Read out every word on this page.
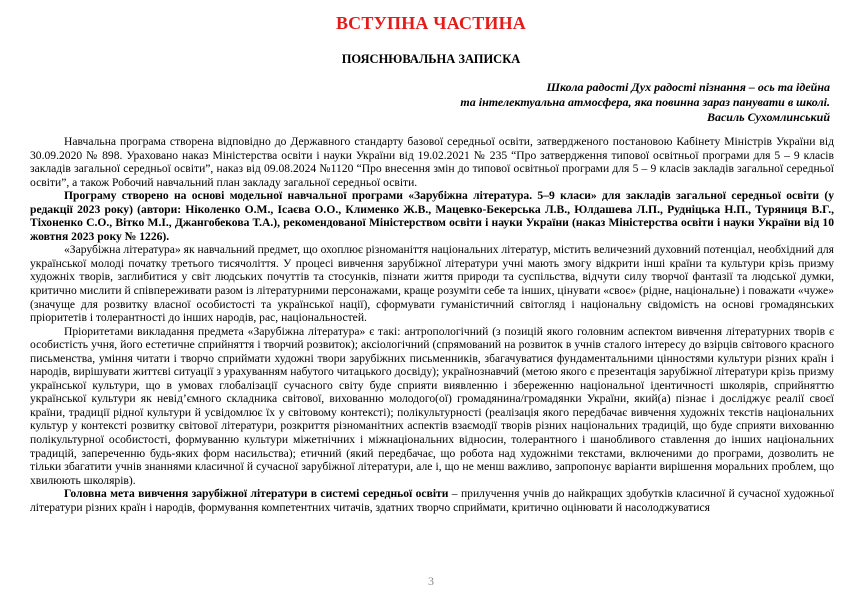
ВСТУПНА ЧАСТИНА
ПОЯСНЮВАЛЬНА ЗАПИСКА
Школа радості Дух радості пізнання – ось та ідейна
та інтелектуальна атмосфера, яка повинна зараз панувати в школі.
Василь Сухомлинський

Навчальна програма створена відповідно до Державного стандарту базової середньої освіти, затвердженого постановою Кабінету Міністрів України від 30.09.2020 № 898. Ураховано наказ Міністерства освіти і науки України від 19.02.2021 № 235 “Про затвердження типової освітньої програми для 5 – 9 класів закладів загальної середньої освіти”, наказ від 09.08.2024 №1120 “Про внесення змін до типової освітньої програми для 5 – 9 класів закладів загальної середньої освіти”, а також Робочий навчальний план закладу загальної середньої освіти.

Програму створено на основі модельної навчальної програми «Зарубіжна література. 5–9 класи» для закладів загальної середньої освіти (у редакції 2023 року) (автори: Ніколенко О.М., Ісаєва О.О., Клименко Ж.В., Мацевко-Бекерська Л.В., Юлдашева Л.П., Рудніцька Н.П., Туряниця В.Г., Тіхоненко С.О., Вітко М.І., Джангобекова Т.А.), рекомендованої Міністерством освіти і науки України (наказ Міністерства освіти і науки України від 10 жовтня 2023 року № 1226).

«Зарубіжна література» як навчальний предмет, що охоплює різноманіття національних літератур, містить величезний духовний потенціал, необхідний для української молоді початку третього тисячоліття. У процесі вивчення зарубіжної літератури учні мають змогу відкрити інші країни та культури крізь призму художніх творів, заглибитися у світ людських почуттів та стосунків, пізнати життя природи та суспільства, відчути силу творчої фантазії та людської думки, критично мислити й співпереживати разом із літературними персонажами, краще розуміти себе та інших, цінувати «своє» (рідне, національне) і поважати «чуже» (значуще для розвитку власної особистості та української нації), сформувати гуманістичний світогляд і національну свідомість на основі громадянських пріоритетів і толерантності до інших народів, рас, національностей.

Пріоритетами викладання предмета «Зарубіжна література» є такі: антропологічний (з позицій якого головним аспектом вивчення літературних творів є особистість учня, його естетичне сприйняття і творчий розвиток); аксіологічний (спрямований на розвиток в учнів сталого інтересу до взірців світового красного письменства, уміння читати і творчо сприймати художні твори зарубіжних письменників, збагачуватися фундаментальними цінностями культури різних країн і народів, вирішувати життєві ситуації з урахуванням набутого читацького досвіду); українознавчий (метою якого є презентація зарубіжної літератури крізь призму української культури, що в умовах глобалізації сучасного світу буде сприяти виявленню і збереженню національної ідентичності школярів, сприйняттю української культури як невід’ємного складника світової, вихованню молодого(ої) громадянина/громадянки України, який(а) пізнає і досліджує реалії своєї країни, традиції рідної культури й усвідомлює їх у світовому контексті); полікультурності (реалізація якого передбачає вивчення художніх текстів національних культур у контексті розвитку світової літератури, розкриття різноманітних аспектів взаємодії творів різних національних традицій, що буде сприяти вихованню полікультурної особистості, формуванню культури міжетнічних і міжнаціональних відносин, толерантного і шанобливого ставлення до інших національних традицій, запереченню будь-яких форм насильства); етичний (який передбачає, що робота над художніми текстами, включеними до програми, дозволить не тільки збагатити учнів знаннями класичної й сучасної зарубіжної літератури, але і, що не менш важливо, запропонує варіанти вирішення моральних проблем, що хвилюють школярів).

Головна мета вивчення зарубіжної літератури в системі середньої освіти – прилучення учнів до найкращих здобутків класичної й сучасної художньої літератури різних країн і народів, формування компетентних читачів, здатних творчо сприймати, критично оцінювати й насолоджуватися

3
